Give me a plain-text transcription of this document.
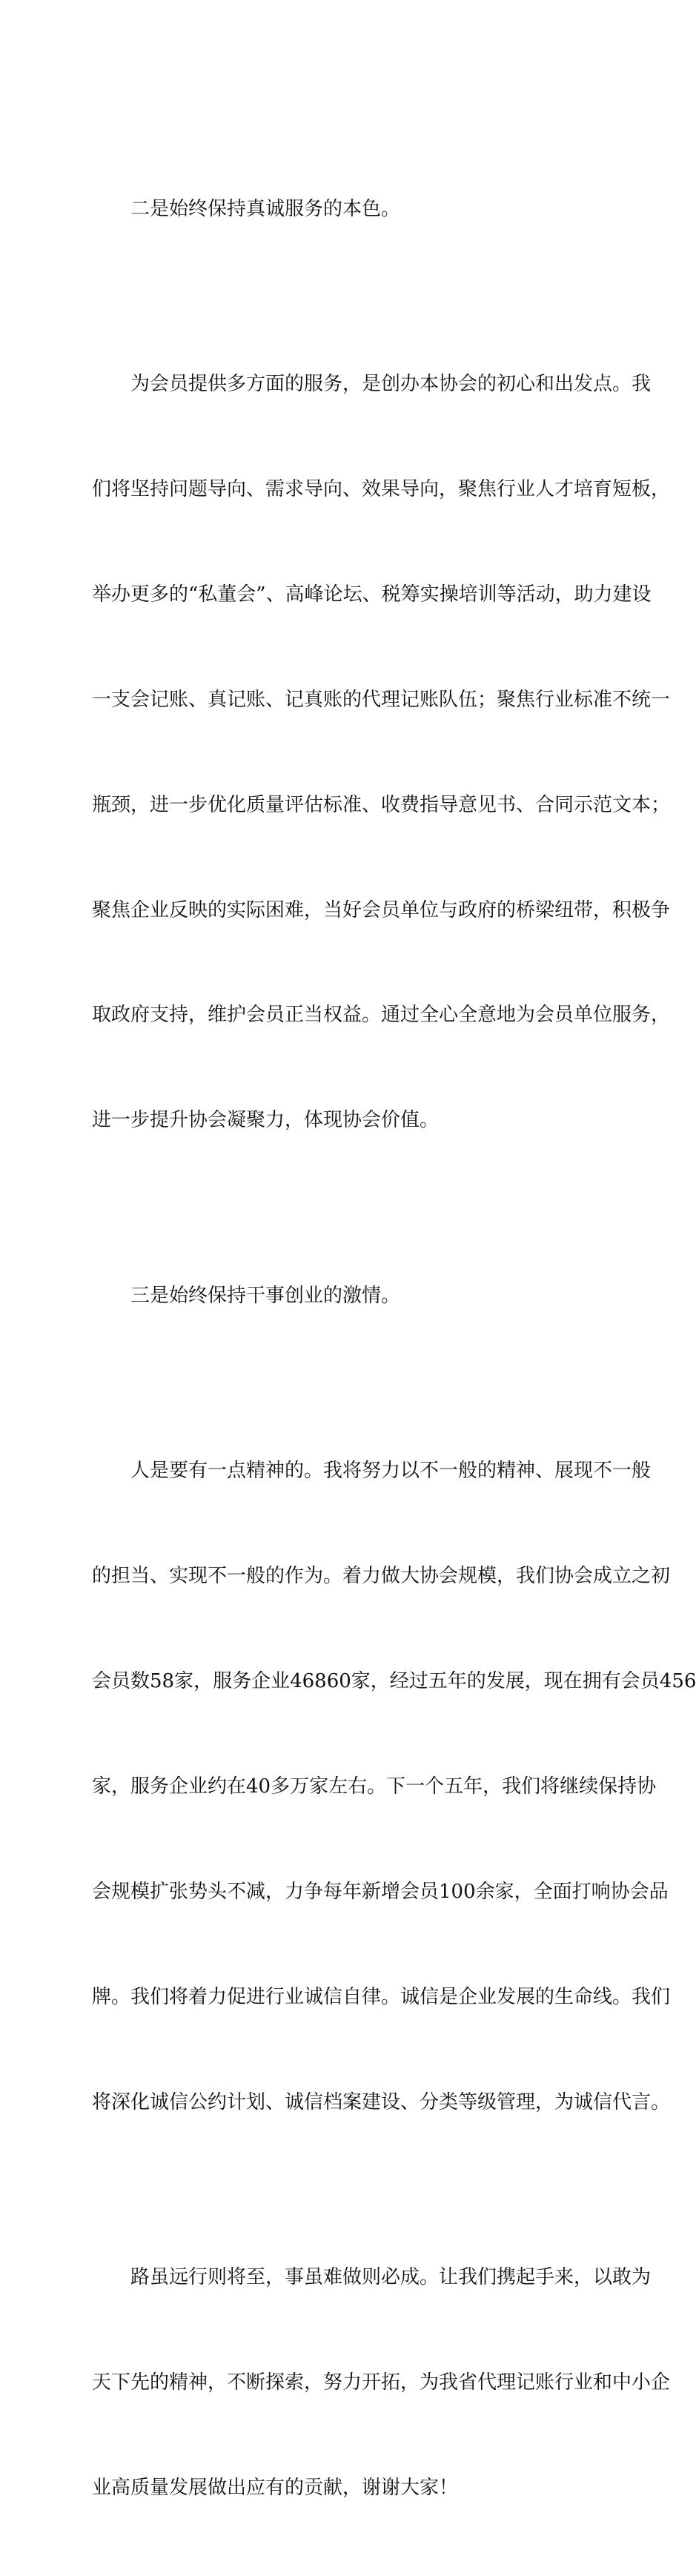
二是始终保持真诚服务的本色。

为会员提供多方面的服务，是创办本协会的初心和出发点。我

们将坚持问题导向、需求导向、效果导向，聚焦行业人才培育短板，

举办更多的“私董会”、高峰论坛、税筹实操培训等活动，助力建设

一支会记账、真记账、记真账的代理记账队伍；聚焦行业标准不统一

瓶颈，进一步优化质量评估标准、收费指导意见书、合同示范文本；

聚焦企业反映的实际困难，当好会员单位与政府的桥梁纽带，积极争

取政府支持，维护会员正当权益。通过全心全意地为会员单位服务，

进一步提升协会凝聚力，体现协会价值。

三是始终保持干事创业的激情。

人是要有一点精神的。我将努力以不一般的精神、展现不一般

的担当、实现不一般的作为。着力做大协会规模，我们协会成立之初

会员数58家，服务企业46860家，经过五年的发展，现在拥有会员456

家，服务企业约在40多万家左右。下一个五年，我们将继续保持协

会规模扩张势头不减，力争每年新增会员100余家，全面打响协会品

牌。我们将着力促进行业诚信自律。诚信是企业发展的生命线。我们

将深化诚信公约计划、诚信档案建设、分类等级管理，为诚信代言。

路虽远行则将至，事虽难做则必成。让我们携起手来，以敢为

天下先的精神，不断探索，努力开拓，为我省代理记账行业和中小企

业高质量发展做出应有的贡献，谢谢大家！
